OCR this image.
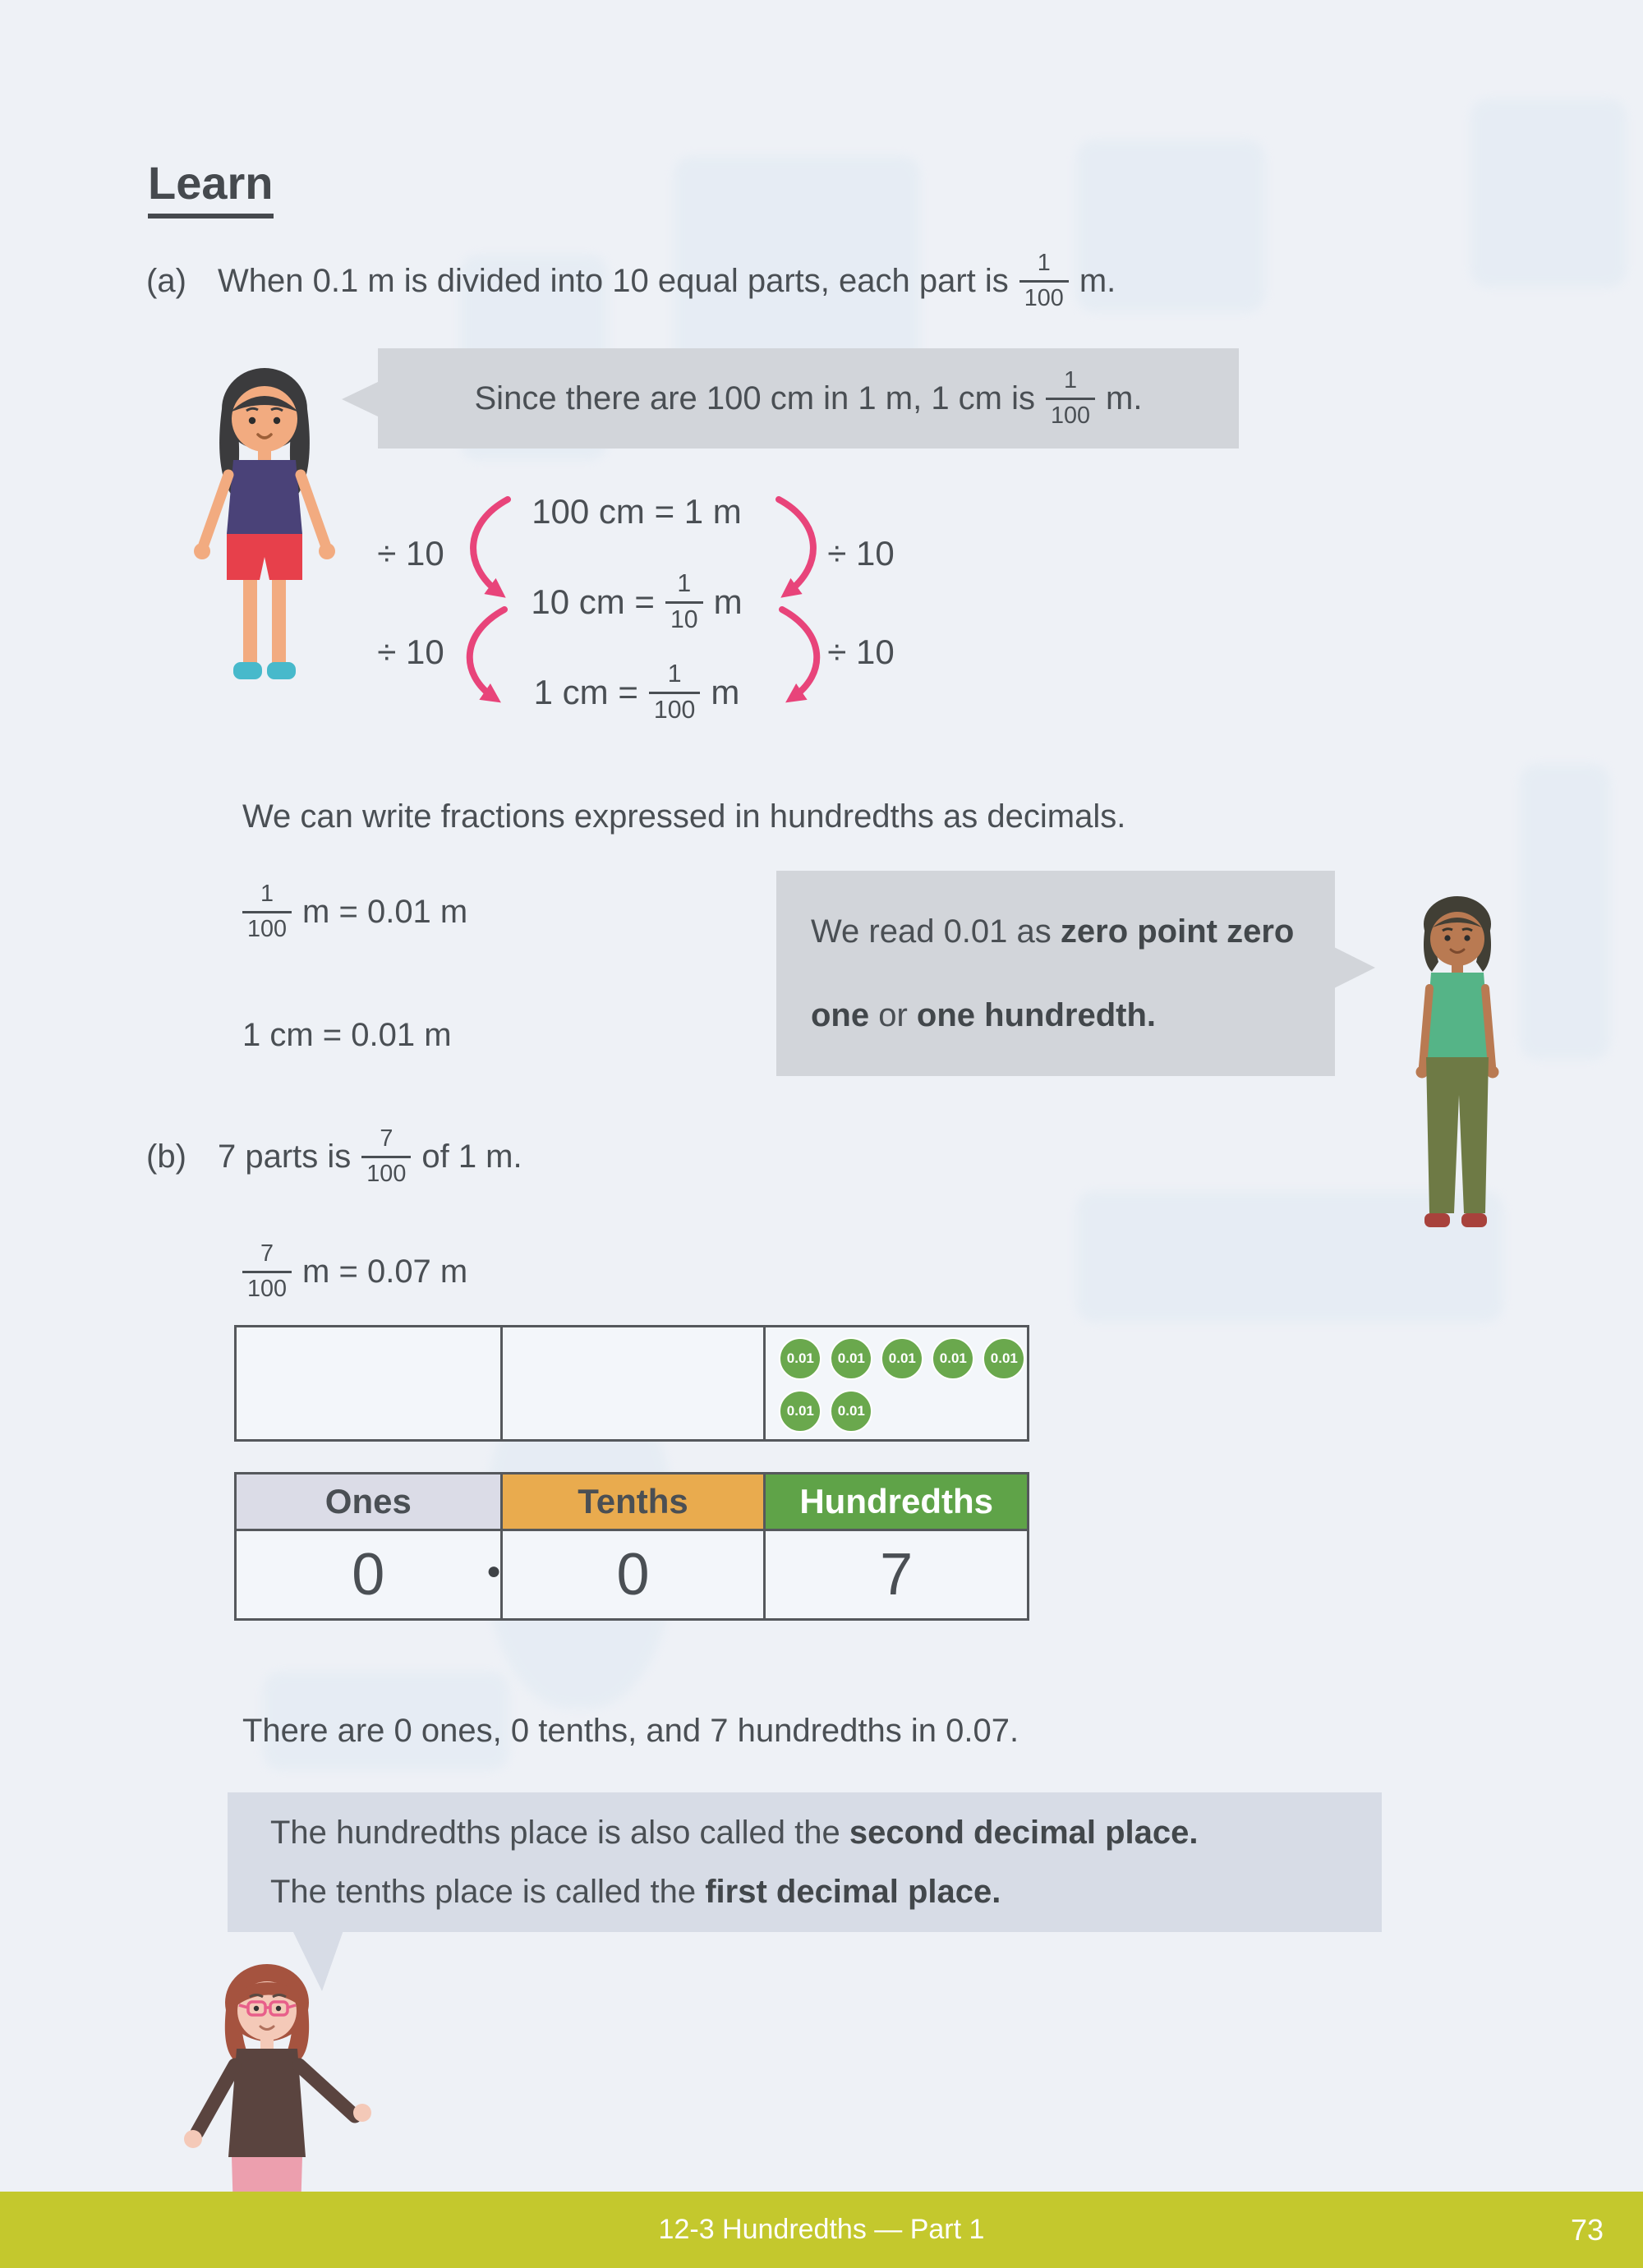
Learn
(a) When 0.1 m is divided into 10 equal parts, each part is $\frac{1}{100} m$.
Since there are 100 cm in 1 m, 1 cm is $\frac{1}{100} m$.
÷ 10
÷ 10
÷ 10
÷ 10
100 cm = 1 m
10 cm = $\frac{1}{10}$ m
1 cm = $\frac{1}{100}$ m
We can write fractions expressed in hundredths as decimals.
$\frac{1}{100}$ m = 0.01 m
We read 0.01 as zero point zero one or one hundredth.
1 cm = 0.01 m
(b) 7 parts is $\frac{7}{100}$ of 1 m.
$\frac{7}{100}$ m = 0.07 m
0.01	0.01	0.01	0.01	0.01
0.01	0.01
Ones	Tenths	Hundredths
0	0	7
●
There are 0 ones, 0 tenths, and 7 hundredths in 0.07.
The hundredths place is also called the second decimal place.
The tenths place is called the first decimal place.
12-3 Hundredths — Part 1	73
